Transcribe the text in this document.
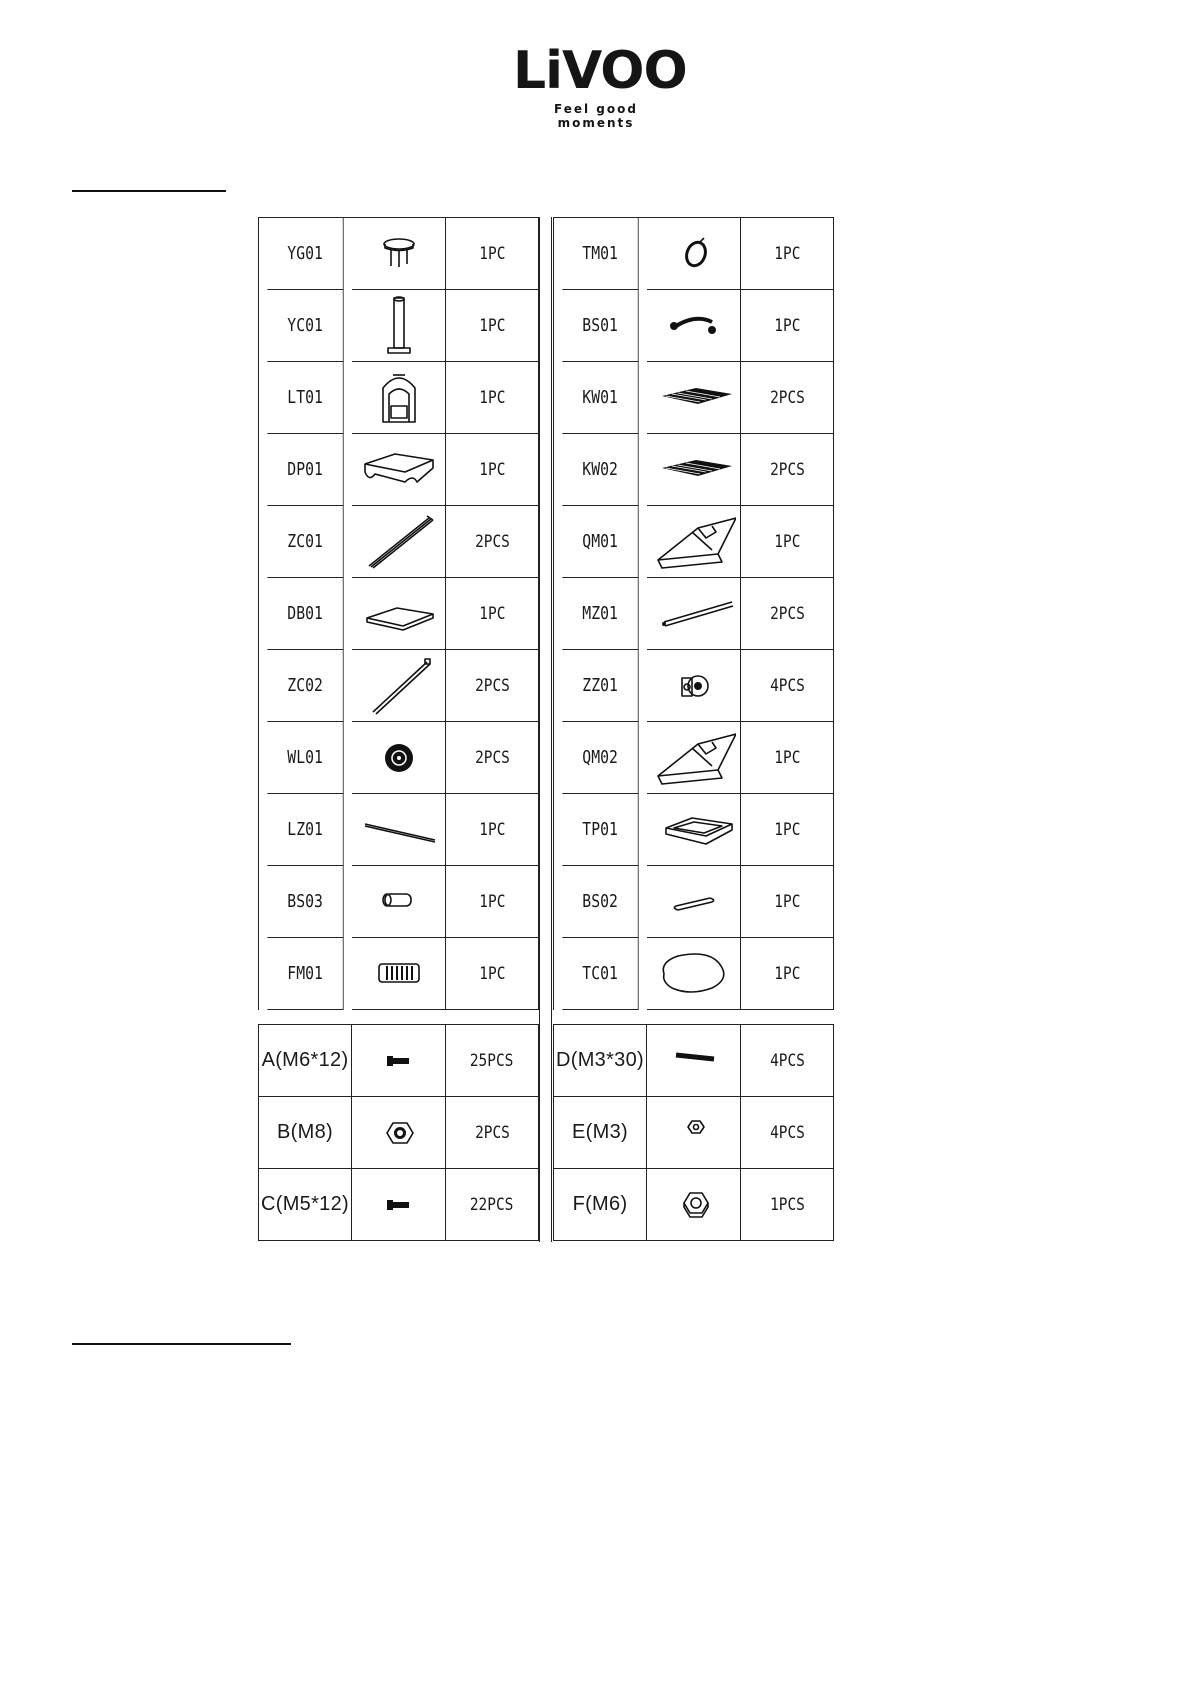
LiVOO
Feel good moments
YG01	1PC
YC01	1PC
LT01	1PC
DP01	1PC
ZC01	2PCS
DB01	1PC
ZC02	2PCS
WL01	2PCS
LZ01	1PC
BS03	1PC
FM01	1PC
TM01	1PC
BS01	1PC
KW01	2PCS
KW02	2PCS
QM01	1PC
MZ01	2PCS
ZZ01	4PCS
QM02	1PC
TP01	1PC
BS02	1PC
TC01	1PC
A(M6*12)	25PCS
B(M8)	2PCS
C(M5*12)	22PCS
D(M3*30)	4PCS
E(M3)	4PCS
F(M6)	1PCS
